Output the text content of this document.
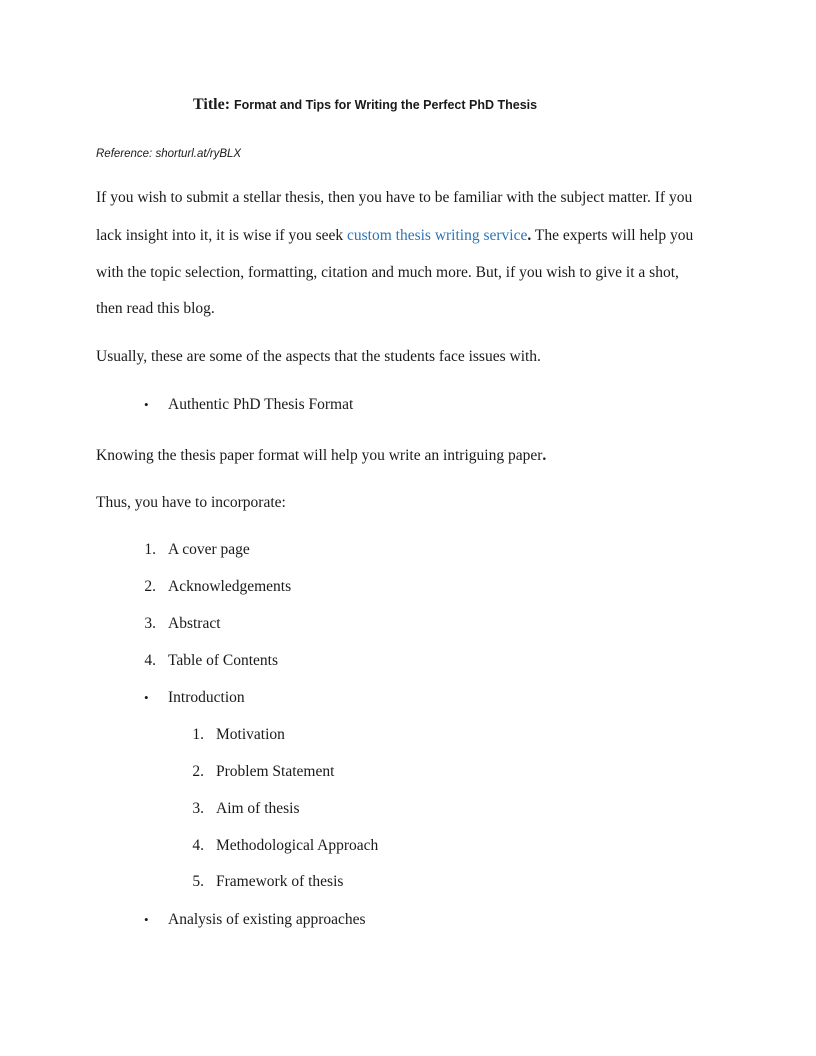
Title: Format and Tips for Writing the Perfect PhD Thesis
Reference: shorturl.at/ryBLX
If you wish to submit a stellar thesis, then you have to be familiar with the subject matter. If you
lack insight into it, it is wise if you seek custom thesis writing service. The experts will help you
with the topic selection, formatting, citation and much more. But, if you wish to give it a shot,
then read this blog.
Usually, these are some of the aspects that the students face issues with.
• Authentic PhD Thesis Format
Knowing the thesis paper format will help you write an intriguing paper.
Thus, you have to incorporate:
1. A cover page
2. Acknowledgements
3. Abstract
4. Table of Contents
• Introduction
1. Motivation
2. Problem Statement
3. Aim of thesis
4. Methodological Approach
5. Framework of thesis
• Analysis of existing approaches
